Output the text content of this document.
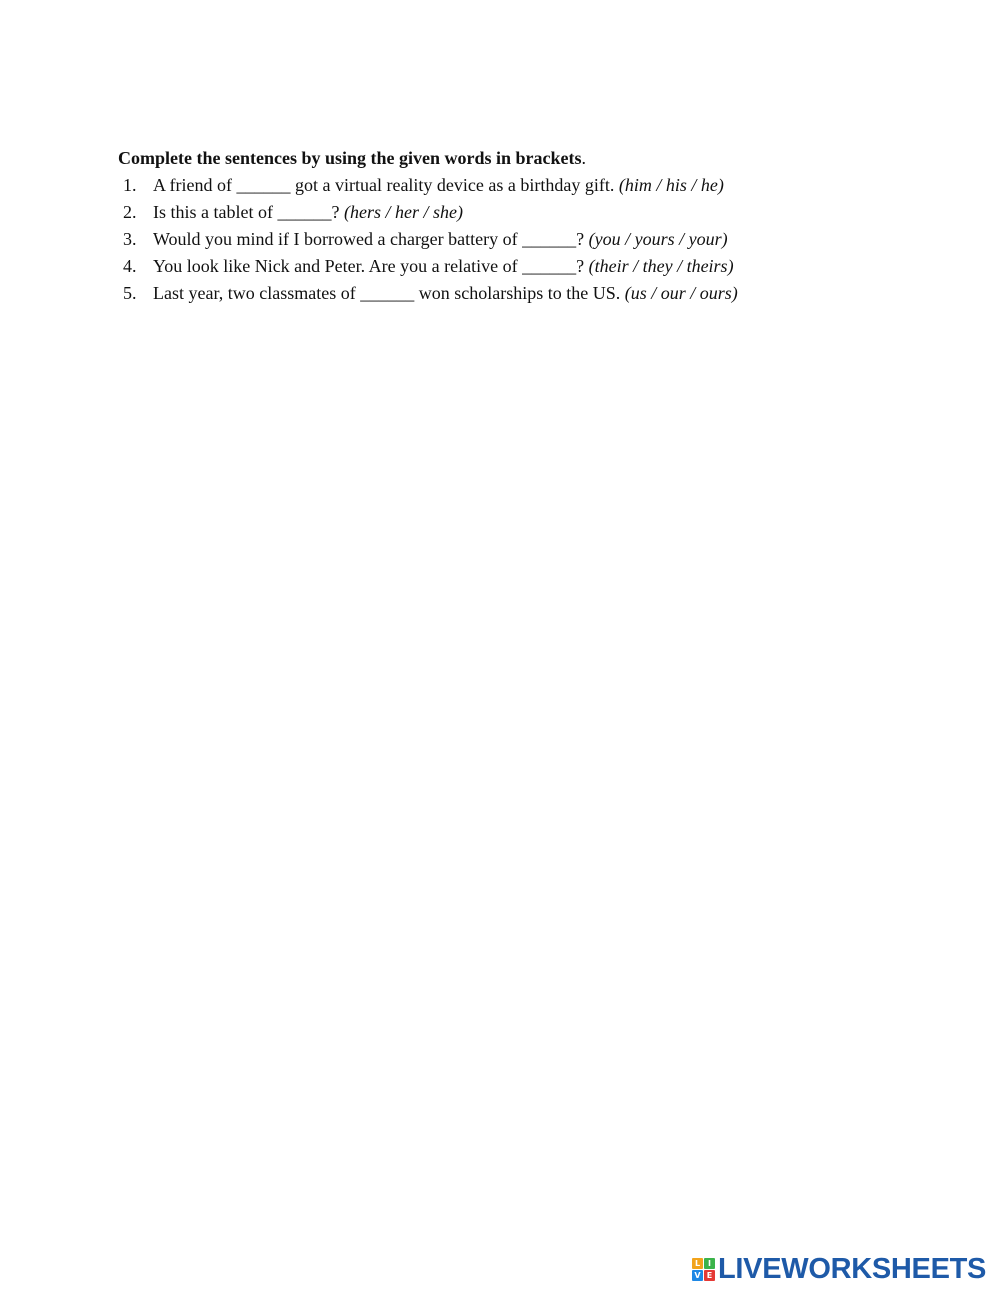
Complete the sentences by using the given words in brackets.

1. A friend of ______ got a virtual reality device as a birthday gift. (him / his / he)
2. Is this a tablet of ______? (hers / her / she)
3. Would you mind if I borrowed a charger battery of ______? (you / yours / your)
4. You look like Nick and Peter. Are you a relative of ______? (their / they / theirs)
5. Last year, two classmates of ______ won scholarships to the US. (us / our / ours)
L I
V E LIVEWORKSHEETS
